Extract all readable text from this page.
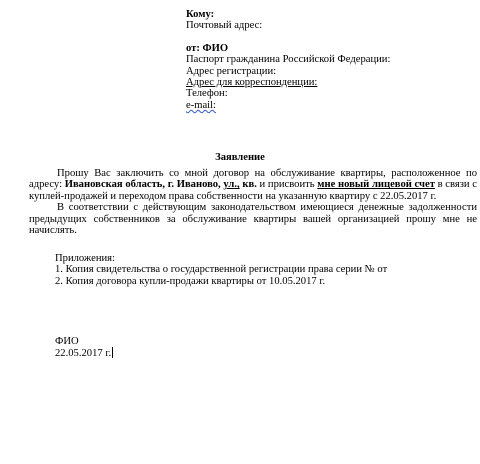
Кому:
Почтовый адрес:
от: ФИО
Паспорт гражданина Российской Федерации:
Адрес регистрации:
Адрес для корреспонденции:
Телефон:
e-mail:
Заявление

Прошу Вас заключить со мной договор на обслуживание квартиры, расположенное по адресу: Ивановская область, г. Иваново, ул., кв. и присвоить мне новый лицевой счет в связи с куплей-продажей и переходом права собственности на указанную квартиру с 22.05.2017 г.

В соответствии с действующим законодательством имеющиеся денежные задолженности предыдущих собственников за обслуживание квартиры вашей организацией прошу мне не начислять.

Приложения:
1. Копия свидетельства о государственной регистрации права серии № от
2. Копия договора купли-продажи квартиры от 10.05.2017 г.
ФИО
22.05.2017 г.
